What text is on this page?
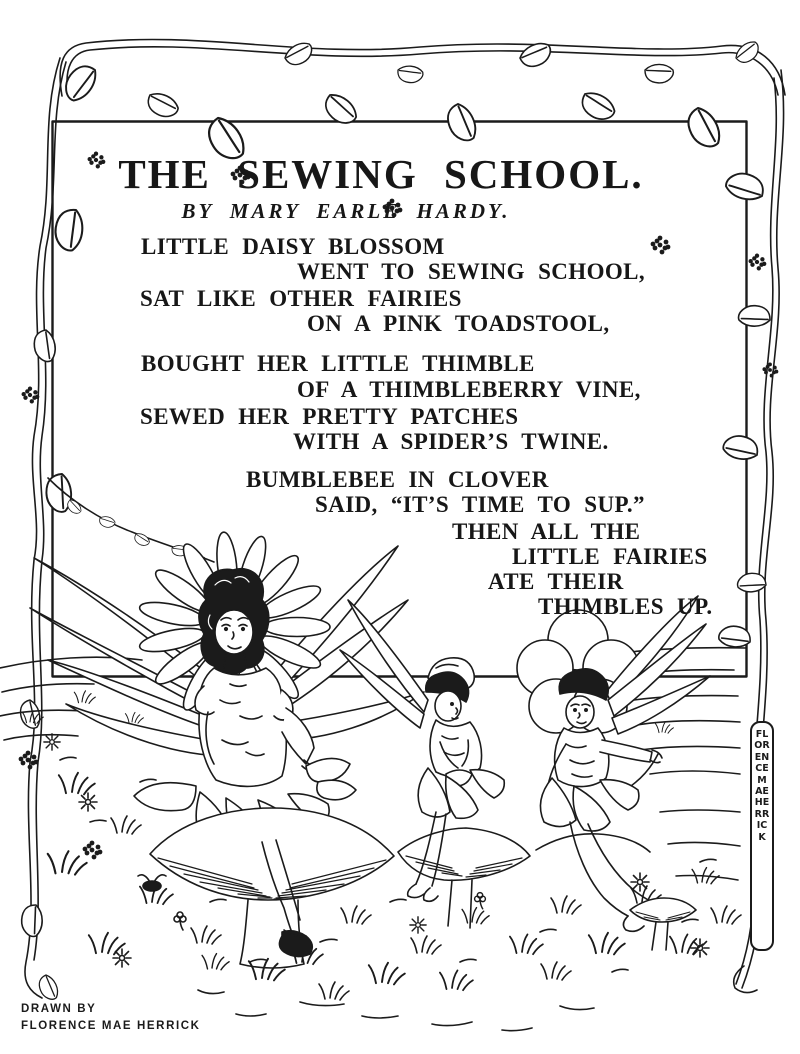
THE SEWING SCHOOL.
BY MARY EARLE HARDY.
LITTLE DAISY BLOSSOM
WENT TO SEWING SCHOOL,
SAT LIKE OTHER FAIRIES
ON A PINK TOADSTOOL,
BOUGHT HER LITTLE THIMBLE
OF A THIMBLEBERRY VINE,
SEWED HER PRETTY PATCHES
WITH A SPIDER’S TWINE.
BUMBLEBEE IN CLOVER
SAID, “IT’S TIME TO SUP.”
THEN ALL THE
LITTLE FAIRIES
ATE THEIR
THIMBLES UP.
FLORENCE MAE HERRICK
DRAWN BY
FLORENCE MAE HERRICK
